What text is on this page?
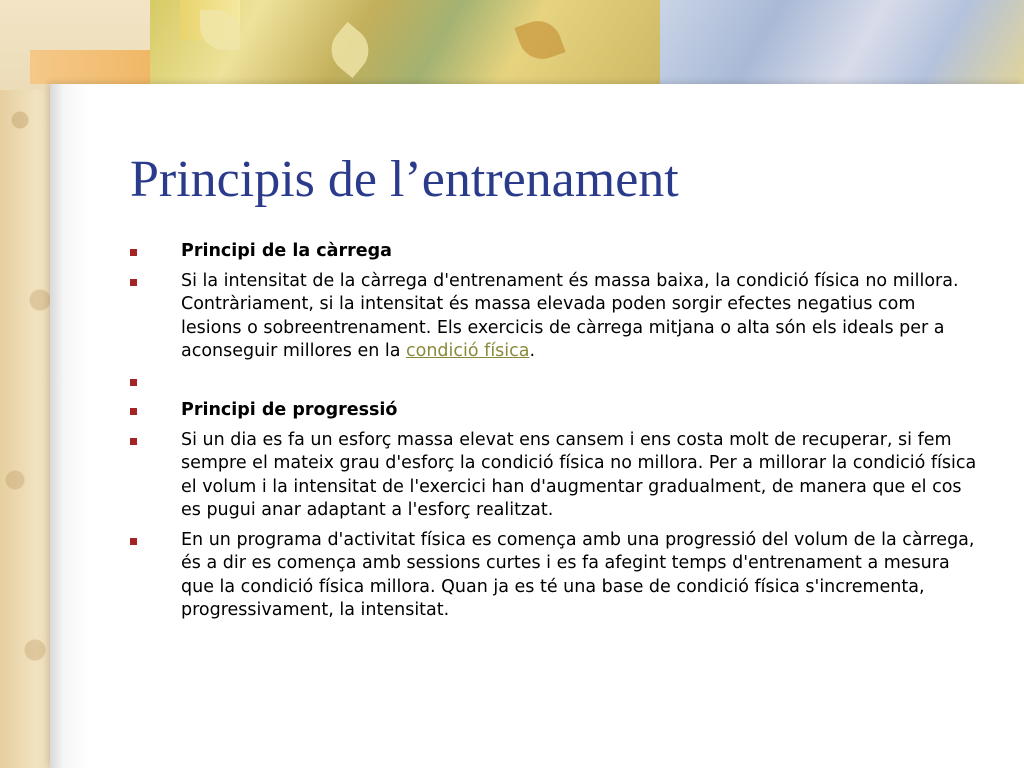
Principis de l’entrenament
Principi de la càrrega
Si la intensitat de la càrrega d'entrenament és massa baixa, la condició física no millora. Contràriament, si la intensitat és massa elevada poden sorgir efectes negatius com lesions o sobreentrenament. Els exercicis de càrrega mitjana o alta són els ideals per a aconseguir millores en la condició física.

Principi de progressió
Si un dia es fa un esforç massa elevat ens cansem i ens costa molt de recuperar, si fem sempre el mateix grau d'esforç la condició física no millora. Per a millorar la condició física el volum i la intensitat de l'exercici han d'augmentar gradualment, de manera que el cos es pugui anar adaptant a l'esforç realitzat.
En un programa d'activitat física es comença amb una progressió del volum de la càrrega, és a dir es comença amb sessions curtes i es fa afegint temps d'entrenament a mesura que la condició física millora. Quan ja es té una base de condició física s'incrementa, progressivament, la intensitat.
